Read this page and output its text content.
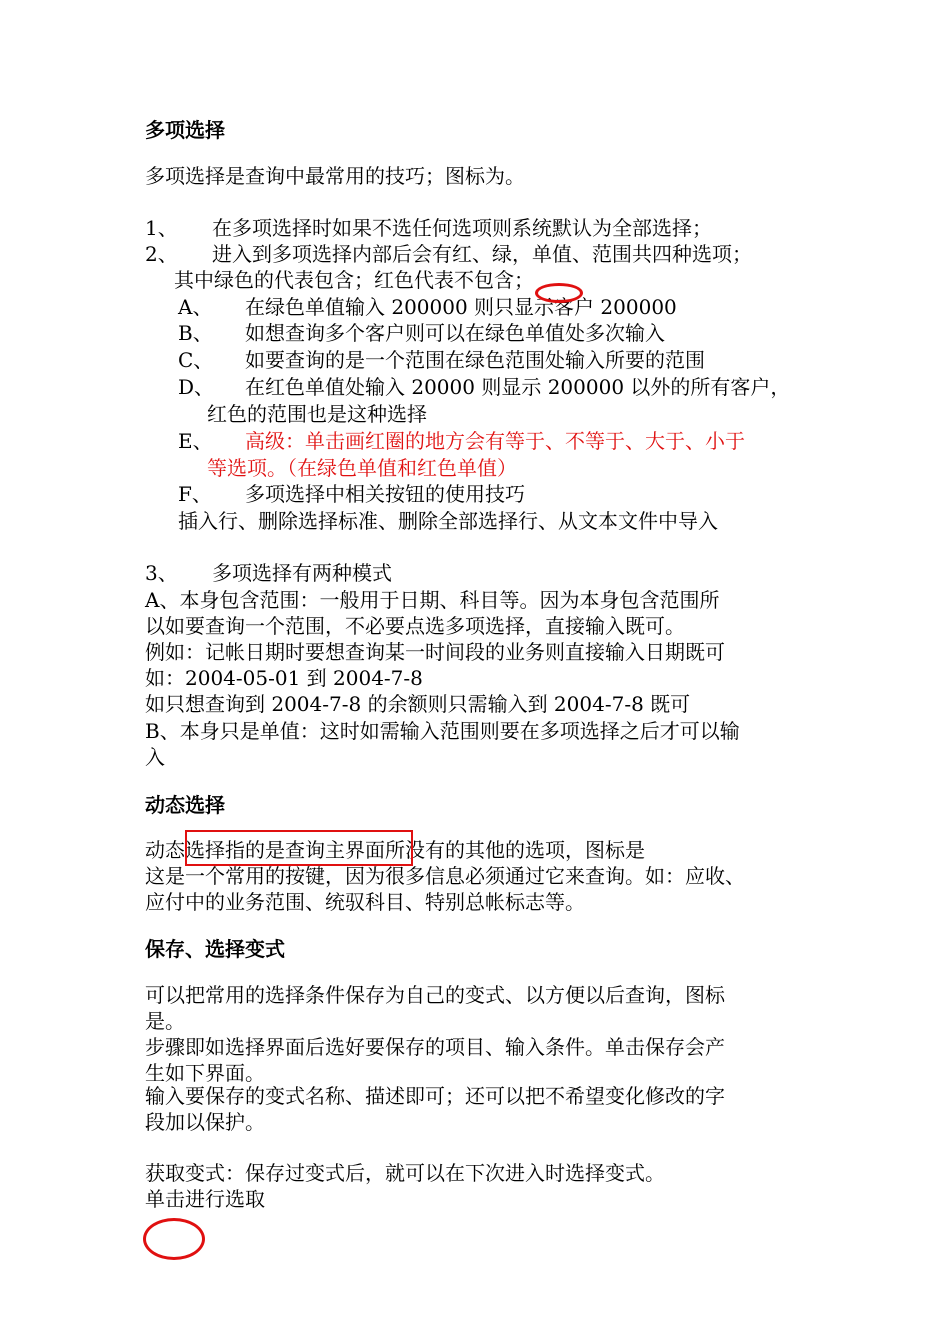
多项选择
多项选择是查询中最常用的技巧；图标为。
1、 在多项选择时如果不选任何选项则系统默认为全部选择；
2、 进入到多项选择内部后会有红、绿，单值、范围共四种选项；
其中绿色的代表包含；红色代表不包含；
A、 在绿色单值输入 200000 则只显示客户 200000
B、 如想查询多个客户则可以在绿色单值处多次输入
C、 如要查询的是一个范围在绿色范围处输入所要的范围
D、 在红色单值处输入 20000 则显示 200000 以外的所有客户，
红色的范围也是这种选择
E、 高级：单击画红圈的地方会有等于、不等于、大于、小于
等选项。（在绿色单值和红色单值）
F、 多项选择中相关按钮的使用技巧
插入行、删除选择标准、删除全部选择行、从文本文件中导入
3、 多项选择有两种模式
A、本身包含范围：一般用于日期、科目等。因为本身包含范围所
以如要查询一个范围，不必要点选多项选择，直接输入既可。
例如：记帐日期时要想查询某一时间段的业务则直接输入日期既可
如：2004-05-01 到 2004-7-8
如只想查询到 2004-7-8 的余额则只需输入到 2004-7-8 既可
B、本身只是单值：这时如需输入范围则要在多项选择之后才可以输
入
动态选择
动态选择指的是查询主界面所没有的其他的选项，图标是
这是一个常用的按键，因为很多信息必须通过它来查询。如：应收、
应付中的业务范围、统驭科目、特别总帐标志等。
保存、选择变式
可以把常用的选择条件保存为自己的变式、以方便以后查询，图标
是。
步骤即如选择界面后选好要保存的项目、输入条件。单击保存会产
生如下界面。
输入要保存的变式名称、描述即可；还可以把不希望变化修改的字
段加以保护。
获取变式：保存过变式后，就可以在下次进入时选择变式。
单击进行选取
